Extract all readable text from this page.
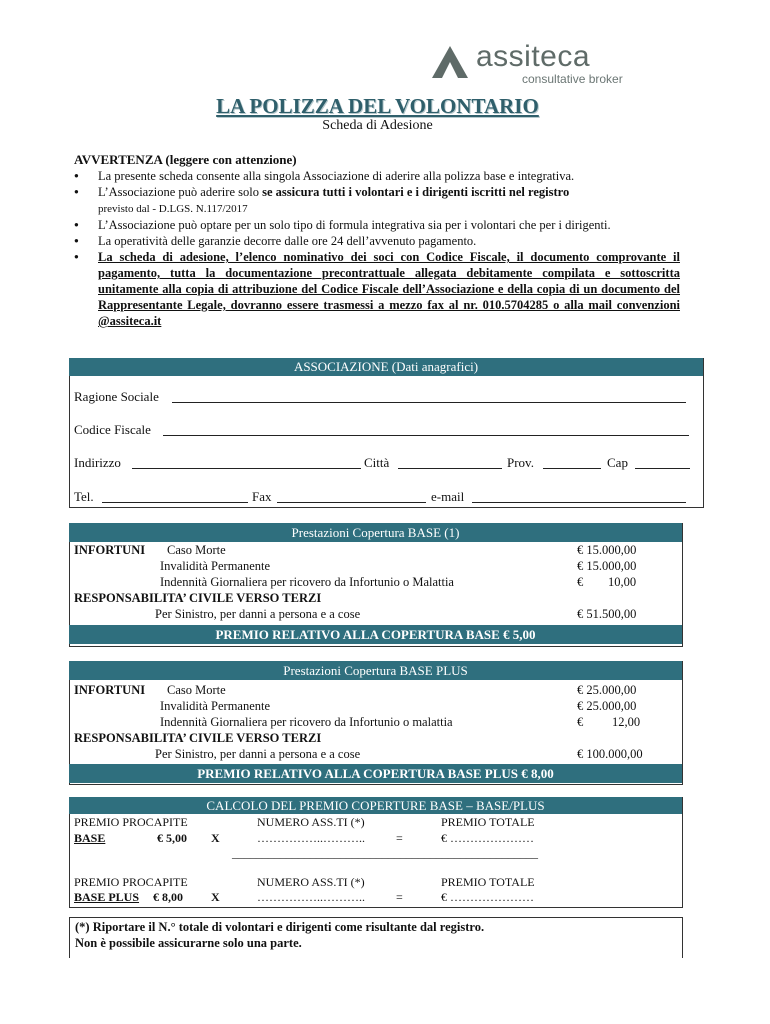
assiteca
consultative broker
LA POLIZZA DEL VOLONTARIO
Scheda di Adesione
AVVERTENZA (leggere con attenzione)
● La presente scheda consente alla singola Associazione di aderire alla polizza base e integrativa.
● L’Associazione può aderire solo se assicura tutti i volontari e i dirigenti iscritti nel registro
previsto dal - D.LGS. N.117/2017
● L’Associazione può optare per un solo tipo di formula integrativa sia per i volontari che per i dirigenti.
● La operatività delle garanzie decorre dalle ore 24 dell’avvenuto pagamento.
● La scheda di adesione, l’elenco nominativo dei soci con Codice Fiscale, il documento comprovante il pagamento, tutta la documentazione precontrattuale allegata debitamente compilata e sottoscritta unitamente alla copia di attribuzione del Codice Fiscale dell’Associazione e della copia di un documento del Rappresentante Legale, dovranno essere trasmessi a mezzo fax al nr. 010.5704285 o alla mail convenzioni @assiteca.it
ASSOCIAZIONE (Dati anagrafici)
Ragione Sociale
Codice Fiscale
Indirizzo	Città	Prov.	Cap
Tel.	Fax	e-mail
Prestazioni Copertura BASE (1)
INFORTUNI Caso Morte	€ 15.000,00
Invalidità Permanente	€ 15.000,00
Indennità Giornaliera per ricovero da Infortunio o Malattia	€ 10,00
RESPONSABILITA’ CIVILE VERSO TERZI
Per Sinistro, per danni a persona e a cose	€ 51.500,00
PREMIO RELATIVO ALLA COPERTURA BASE € 5,00
Prestazioni Copertura BASE PLUS
INFORTUNI Caso Morte	€ 25.000,00
Invalidità Permanente	€ 25.000,00
Indennità Giornaliera per ricovero da Infortunio o malattia	€ 12,00
RESPONSABILITA’ CIVILE VERSO TERZI
Per Sinistro, per danni a persona e a cose	€ 100.000,00
PREMIO RELATIVO ALLA COPERTURA BASE PLUS € 8,00
CALCOLO DEL PREMIO COPERTURE BASE – BASE/PLUS
PREMIO PROCAPITE	NUMERO ASS.TI (*)	PREMIO TOTALE
BASE	€ 5,00 X	……………..………..	=	€ …………………
___________________________________________________
PREMIO PROCAPITE	NUMERO ASS.TI (*)	PREMIO TOTALE
BASE PLUS € 8,00 X	……………..………..	=	€ …………………
(*) Riportare il N.° totale di volontari e dirigenti come risultante dal registro.
Non è possibile assicurarne solo una parte.
